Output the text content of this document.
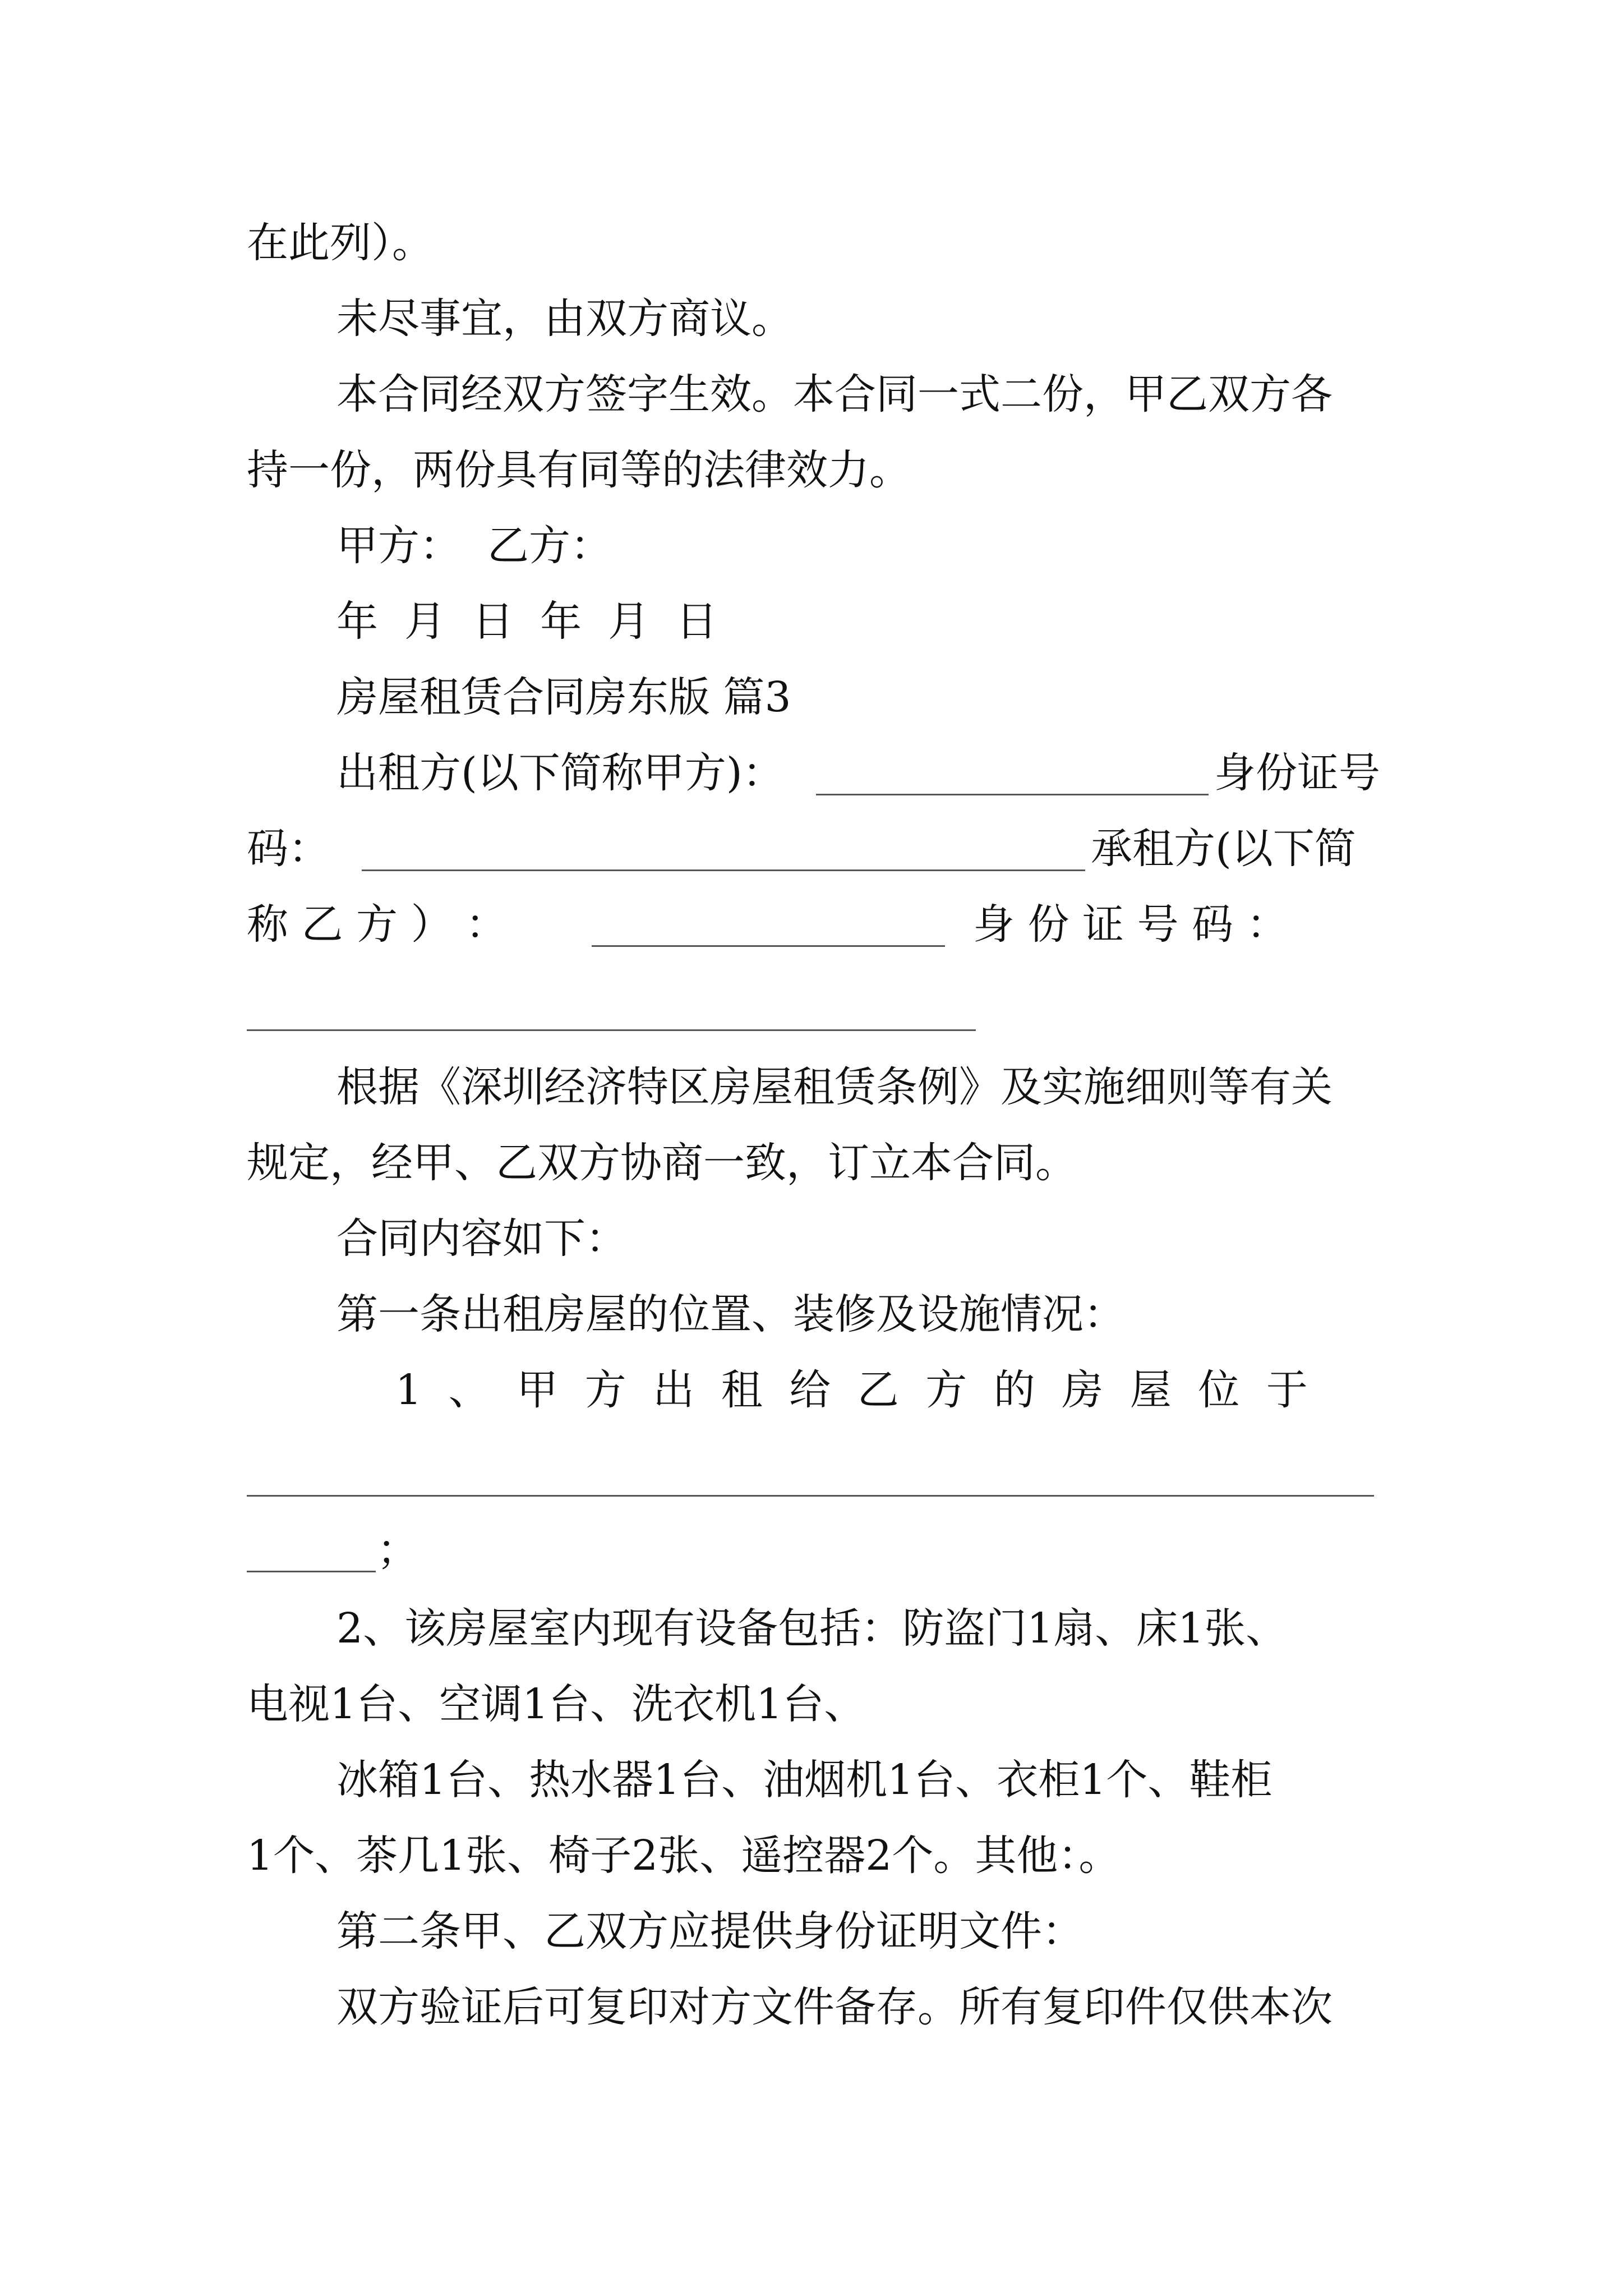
在此列）。
未尽事宜，由双方商议。
本合同经双方签字生效。本合同一式二份，甲乙双方各
持一份，两份具有同等的法律效力。
甲方：  乙方：
年  月  日  年  月  日
房屋租赁合同房东版 篇3
出租方(以下简称甲方)：	身份证号
码：	承租方(以下简
称 乙 方 ） ：	身 份 证 号 码 ：
根据《深圳经济特区房屋租赁条例》及实施细则等有关
规定，经甲、乙双方协商一致，订立本合同。
合同内容如下：
第一条出租房屋的位置、装修及设施情况：
1 、 甲 方 出 租 给 乙 方 的 房 屋 位 于
；
2、该房屋室内现有设备包括：防盗门1扇、床1张、
电视1台、空调1台、洗衣机1台、
冰箱1台、热水器1台、油烟机1台、衣柜1个、鞋柜
1个、茶几1张、椅子2张、遥控器2个。其他：。
第二条甲、乙双方应提供身份证明文件：
双方验证后可复印对方文件备存。所有复印件仅供本次
